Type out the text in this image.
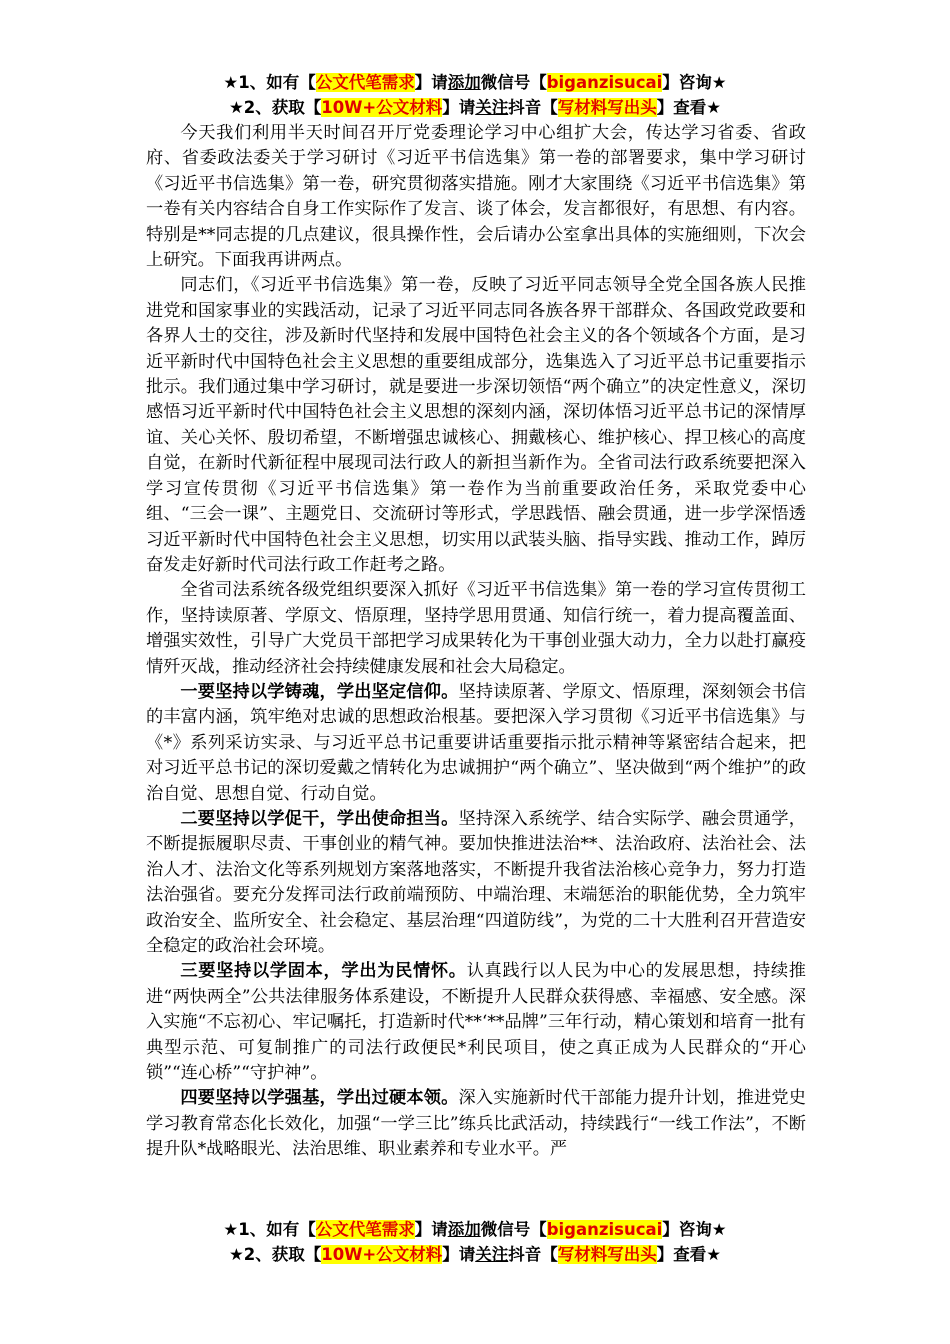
★1、如有【公文代笔需求】请添加微信号【biganzisucai】咨询★
★2、获取【10W+公文材料】请关注抖音【写材料写出头】查看★

今天我们利用半天时间召开厅党委理论学习中心组扩大会，传达学习省委、省政府、省委政法委关于学习研讨《习近平书信选集》第一卷的部署要求，集中学习研讨《习近平书信选集》第一卷，研究贯彻落实措施。刚才大家围绕《习近平书信选集》第一卷有关内容结合自身工作实际作了发言、谈了体会，发言都很好，有思想、有内容。特别是**同志提的几点建议，很具操作性，会后请办公室拿出具体的实施细则，下次会上研究。下面我再讲两点。

同志们，《习近平书信选集》第一卷，反映了习近平同志领导全党全国各族人民推进党和国家事业的实践活动，记录了习近平同志同各族各界干部群众、各国政党政要和各界人士的交往，涉及新时代坚持和发展中国特色社会主义的各个领域各个方面，是习近平新时代中国特色社会主义思想的重要组成部分，选集选入了习近平总书记重要指示批示。我们通过集中学习研讨，就是要进一步深切领悟“两个确立”的决定性意义，深切感悟习近平新时代中国特色社会主义思想的深刻内涵，深切体悟习近平总书记的深情厚谊、关心关怀、殷切希望，不断增强忠诚核心、拥戴核心、维护核心、捍卫核心的高度自觉，在新时代新征程中展现司法行政人的新担当新作为。全省司法行政系统要把深入学习宣传贯彻《习近平书信选集》第一卷作为当前重要政治任务，采取党委中心组、“三会一课”、主题党日、交流研讨等形式，学思践悟、融会贯通，进一步学深悟透习近平新时代中国特色社会主义思想，切实用以武装头脑、指导实践、推动工作，踔厉奋发走好新时代司法行政工作赶考之路。

全省司法系统各级党组织要深入抓好《习近平书信选集》第一卷的学习宣传贯彻工作，坚持读原著、学原文、悟原理，坚持学思用贯通、知信行统一，着力提高覆盖面、增强实效性，引导广大党员干部把学习成果转化为干事创业强大动力，全力以赴打赢疫情歼灭战，推动经济社会持续健康发展和社会大局稳定。

一要坚持以学铸魂，学出坚定信仰。坚持读原著、学原文、悟原理，深刻领会书信的丰富内涵，筑牢绝对忠诚的思想政治根基。要把深入学习贯彻《习近平书信选集》与《*》系列采访实录、与习近平总书记重要讲话重要指示批示精神等紧密结合起来，把对习近平总书记的深切爱戴之情转化为忠诚拥护“两个确立”、坚决做到“两个维护”的政治自觉、思想自觉、行动自觉。

二要坚持以学促干，学出使命担当。坚持深入系统学、结合实际学、融会贯通学，不断提振履职尽责、干事创业的精气神。要加快推进法治**、法治政府、法治社会、法治人才、法治文化等系列规划方案落地落实，不断提升我省法治核心竞争力，努力打造法治强省。要充分发挥司法行政前端预防、中端治理、末端惩治的职能优势，全力筑牢政治安全、监所安全、社会稳定、基层治理“四道防线”，为党的二十大胜利召开营造安全稳定的政治社会环境。

三要坚持以学固本，学出为民情怀。认真践行以人民为中心的发展思想，持续推进“两快两全”公共法律服务体系建设，不断提升人民群众获得感、幸福感、安全感。深入实施“不忘初心、牢记嘱托，打造新时代**‘**品牌”三年行动，精心策划和培育一批有典型示范、可复制推广的司法行政便民*利民项目，使之真正成为人民群众的“开心锁”“连心桥”“守护神”。

四要坚持以学强基，学出过硬本领。深入实施新时代干部能力提升计划，推进党史学习教育常态化长效化，加强“一学三比”练兵比武活动，持续践行“一线工作法”，不断提升队*战略眼光、法治思维、职业素养和专业水平。严

★1、如有【公文代笔需求】请添加微信号【biganzisucai】咨询★
★2、获取【10W+公文材料】请关注抖音【写材料写出头】查看★
